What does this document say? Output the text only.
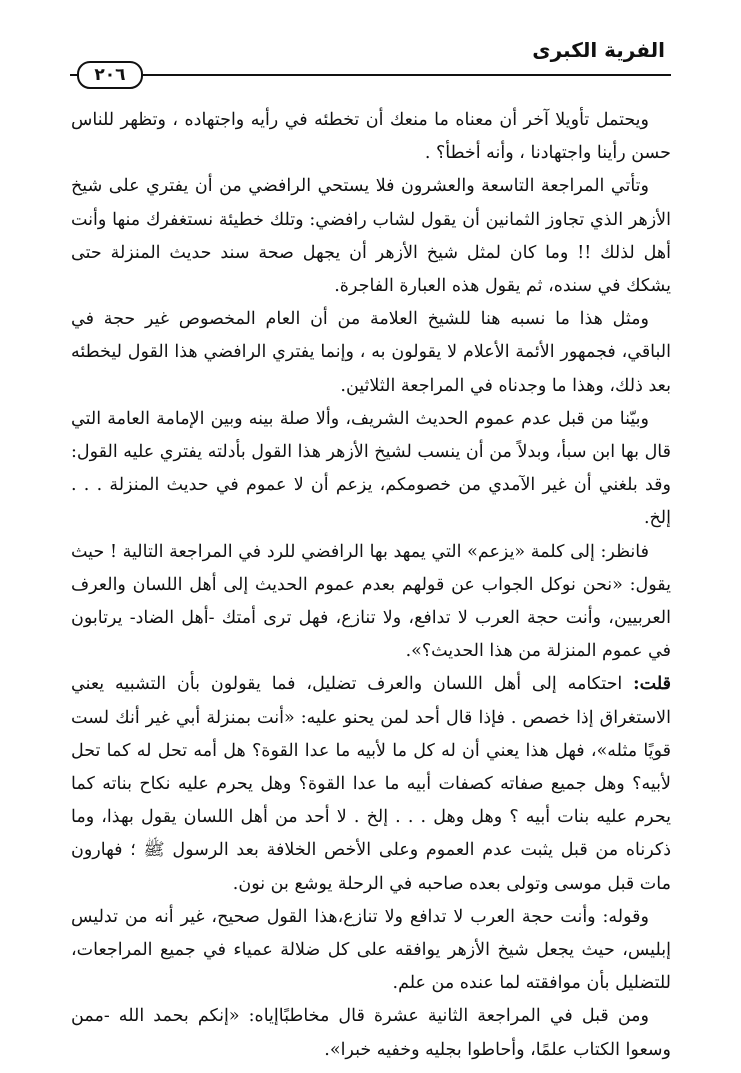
الفرية الكبرى
٢٠٦

ويحتمل تأويلا آخر أن معناه ما منعك أن تخطئه في رأيه واجتهاده ، وتظهر للناس حسن رأينا واجتهادنا ، وأنه أخطأ؟ .

وتأتي المراجعة التاسعة والعشرون فلا يستحي الرافضي من أن يفتري على شيخ الأزهر الذي تجاوز الثمانين أن يقول لشاب رافضي: وتلك خطيئة نستغفرك منها وأنت أهل لذلك !! وما كان لمثل شيخ الأزهر أن يجهل صحة سند حديث المنزلة حتى يشكك في سنده، ثم يقول هذه العبارة الفاجرة.

ومثل هذا ما نسبه هنا للشيخ العلامة من أن العام المخصوص غير حجة في الباقي، فجمهور الأئمة الأعلام لا يقولون به ، وإنما يفتري الرافضي هذا القول ليخطئه بعد ذلك، وهذا ما وجدناه في المراجعة الثلاثين.

وبيّنا من قبل عدم عموم الحديث الشريف، وألا صلة بينه وبين الإمامة العامة التي قال بها ابن سبأ، وبدلاً من أن ينسب لشيخ الأزهر هذا القول بأدلته يفتري عليه القول: وقد بلغني أن غير الآمدي من خصومكم، يزعم أن لا عموم في حديث المنزلة . . . إلخ.

فانظر: إلى كلمة «يزعم» التي يمهد بها الرافضي للرد في المراجعة التالية ! حيث يقول: «نحن نوكل الجواب عن قولهم بعدم عموم الحديث إلى أهل اللسان والعرف العربيين، وأنت حجة العرب لا تدافع، ولا تنازع، فهل ترى أمتك -أهل الضاد- يرتابون في عموم المنزلة من هذا الحديث؟».

قلت: احتكامه إلى أهل اللسان والعرف تضليل، فما يقولون بأن التشبيه يعني الاستغراق إذا خصص . فإذا قال أحد لمن يحنو عليه: «أنت بمنزلة أبي غير أنك لست قويًا مثله»، فهل هذا يعني أن له كل ما لأبيه ما عدا القوة؟ هل أمه تحل له كما تحل لأبيه؟ وهل جميع صفاته كصفات أبيه ما عدا القوة؟ وهل يحرم عليه نكاح بناته كما يحرم عليه بنات أبيه ؟ وهل وهل . . . إلخ . لا أحد من أهل اللسان يقول بهذا، وما ذكرناه من قبل يثبت عدم العموم وعلى الأخص الخلافة بعد الرسول ﷺ ؛ فهارون مات قبل موسى وتولى بعده صاحبه في الرحلة يوشع بن نون.

وقوله: وأنت حجة العرب لا تدافع ولا تنازع،هذا القول صحيح، غير أنه من تدليس إبليس، حيث يجعل شيخ الأزهر يوافقه على كل ضلالة عمياء في جميع المراجعات، للتضليل بأن موافقته لما عنده من علم.

ومن قبل في المراجعة الثانية عشرة قال مخاطبًاإياه: «إنكم بحمد الله -ممن وسعوا الكتاب علمًا، وأحاطوا بجليه وخفيه خبرا».
